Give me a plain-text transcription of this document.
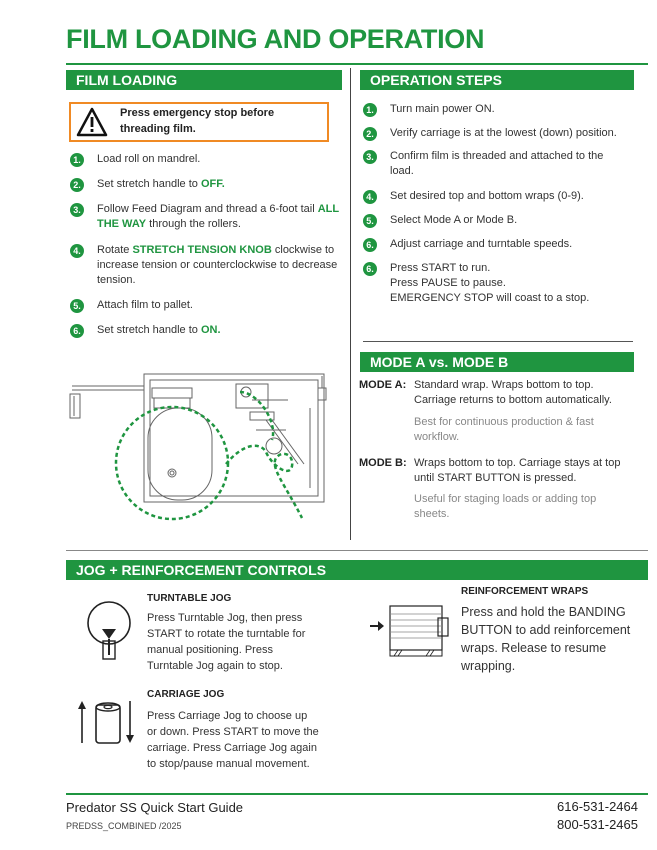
FILM LOADING AND OPERATION
FILM LOADING
Press emergency stop before threading film.
1. Load roll on mandrel.
2. Set stretch handle to OFF.
3. Follow Feed Diagram and thread a 6-foot tail ALL THE WAY through the rollers.
4. Rotate STRETCH TENSION KNOB clockwise to increase tension or counterclockwise to decrease tension.
5. Attach film to pallet.
6. Set stretch handle to ON.
OPERATION STEPS
1. Turn main power ON.
2. Verify carriage is at the lowest (down) position.
3. Confirm film is threaded and attached to the load.
4. Set desired top and bottom wraps (0-9).
5. Select Mode A or Mode B.
6. Adjust carriage and turntable speeds.
6. Press START to run.
Press PAUSE to pause.
EMERGENCY STOP will coast to a stop.
MODE A vs. MODE B
MODE A: Standard wrap. Wraps bottom to top. Carriage returns to bottom automatically.
Best for continuous production & fast workflow.
MODE B: Wraps bottom to top. Carriage stays at top until START BUTTON is pressed.
Useful for staging loads or adding top sheets.
JOG + REINFORCEMENT CONTROLS
TURNTABLE JOG
Press Turntable Jog, then press START to rotate the turntable for manual positioning. Press Turntable Jog again to stop.
CARRIAGE JOG
Press Carriage Jog to choose up or down. Press START to move the carriage. Press Carriage Jog again to stop/pause manual movement.
REINFORCEMENT WRAPS
Press and hold the BANDING BUTTON to add reinforcement wraps. Release to resume wrapping.
Predator SS Quick Start Guide
PREDSS_COMBINED /2025
616-531-2464
800-531-2465
